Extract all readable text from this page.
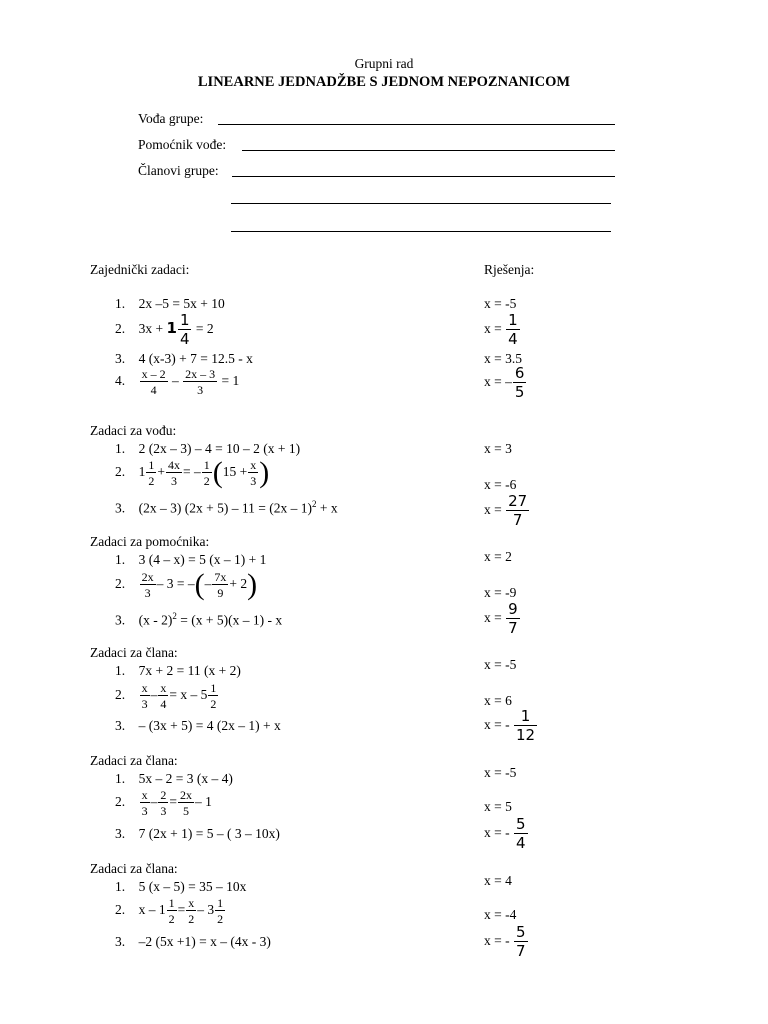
Grupni rad
LINEARNE JEDNADŽBE S JEDNOM NEPOZNANICOM
Vođa grupe:
Pomoćnik vođe:
Članovi grupe:
Zajednički zadaci:	Rješenja:
1. 2x –5 = 5x + 10	x = -5
2. $3x + 1 \frac{1}{4} = 2$	$x = \frac{1}{4}$
3. 4 (x-3) + 7 = 12.5 - x	x = 3.5
4. $\frac{x - 2}{4} - \frac{2x - 3}{3} = 1$	x = – $\frac{6}{5}$
Zadaci za vođu:
1. 2 (2x – 3) – 4 = 10 – 2 (x + 1)	x = 3
2. $1 \frac{1}{2} + \frac{4x}{3}$ = – $\frac{1}{2} (15 + \frac{x}{3}$ )	x = -6
3. (2x – 3) (2x + 5) – 11 = (2x – 1)$^2$ + x	$x = \frac{27}{7}$
Zadaci za pomoćnika:
1. 3 (4 – x) = 5 (x – 1) + 1	x = 2
2. $\frac{2x}{3} - 3$ = –(– $\frac{7x}{9} + 2$)	x = -9
3. (x - 2)$^2$ = (x + 5)(x – 1) - x	$x = \frac{9}{7}$
Zadaci za člana:
1. 7x + 2 = 11 (x + 2)	x = -5
2. $\frac{x}{3} - \frac{x}{4} = x - 5 \frac{1}{2}$	x = 6
3. – (3x + 5) = 4 (2x – 1) + x	x = - $\frac{1}{12}$
Zadaci za člana:
1. 5x – 2 = 3 (x – 4)	x = -5
2. $\frac{x}{3} - \frac{2}{3} = \frac{2x}{5} - 1$	x = 5
3. 7 (2x + 1) = 5 – ( 3 – 10x)	x = - $\frac{5}{4}$
Zadaci za člana:
1. 5 (x – 5) = 35 – 10x	x = 4
2. $x - 1 \frac{1}{2} = \frac{x}{2} - 3 \frac{1}{2}$	x = -4
3. –2 (5x +1) = x – (4x - 3)	x = - $\frac{5}{7}$
